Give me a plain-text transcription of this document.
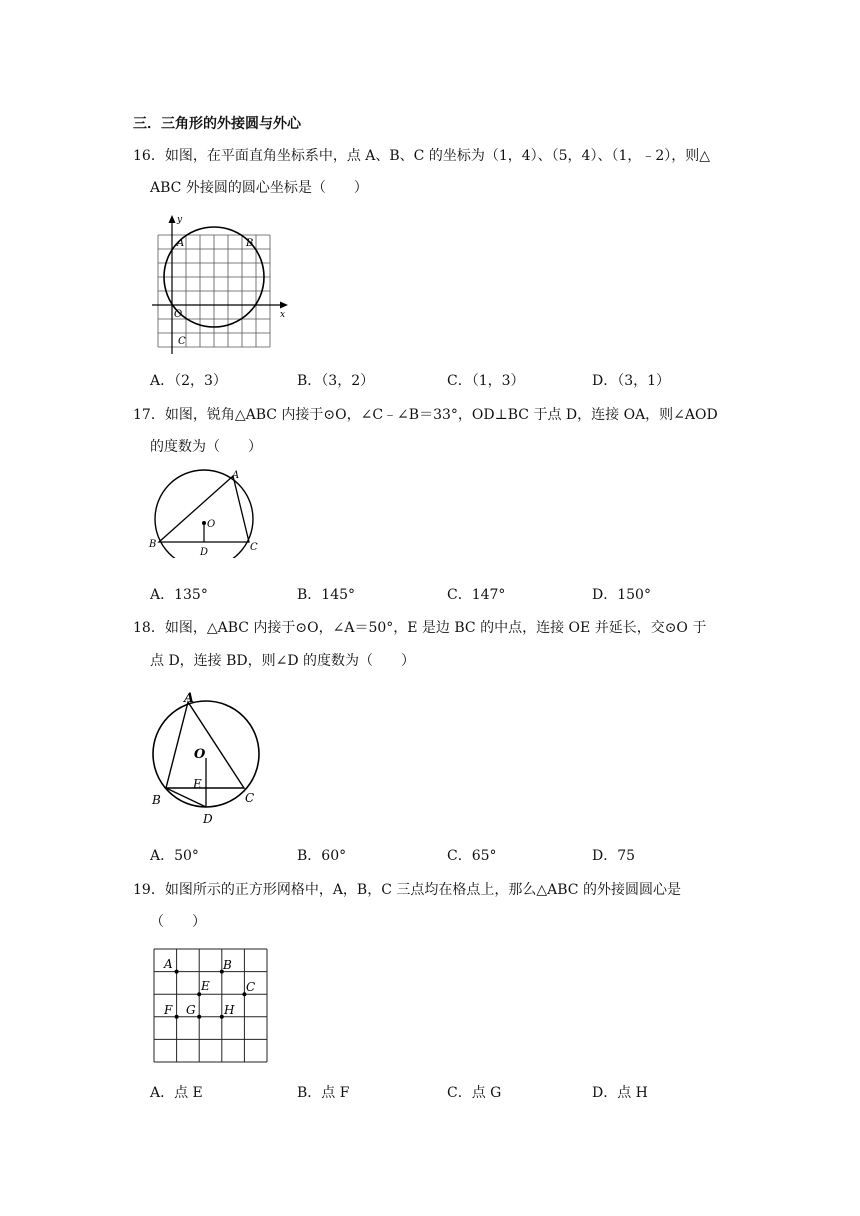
三．三角形的外接圆与外心
16．如图，在平面直角坐标系中，点 A、B、C 的坐标为（1，4）、（5，4）、（1，﹣2），则△
ABC 外接圆的圆心坐标是（　　）
y
x
A	B
O
C
A．（2，3）	B．（3，2）	C．（1，3）	D．（3，1）
17．如图，锐角△ABC 内接于⊙O，∠C﹣∠B＝33°，OD⊥BC 于点 D，连接 OA，则∠AOD
的度数为（　　）
A
O
B
D	C
A．135°	B．145°	C．147°	D．150°
18．如图，△ABC 内接于⊙O，∠A＝50°，E 是边 BC 的中点，连接 OE 并延长，交⊙O 于
点 D，连接 BD，则∠D 的度数为（　　）
A
O
E
B	C
D
A．50°	B．60°	C．65°	D．75
19．如图所示的正方形网格中，A，B，C 三点均在格点上，那么△ABC 的外接圆圆心是
（　　）
A	B
E	C
F G H
A．点 E	B．点 F	C．点 G	D．点 H
